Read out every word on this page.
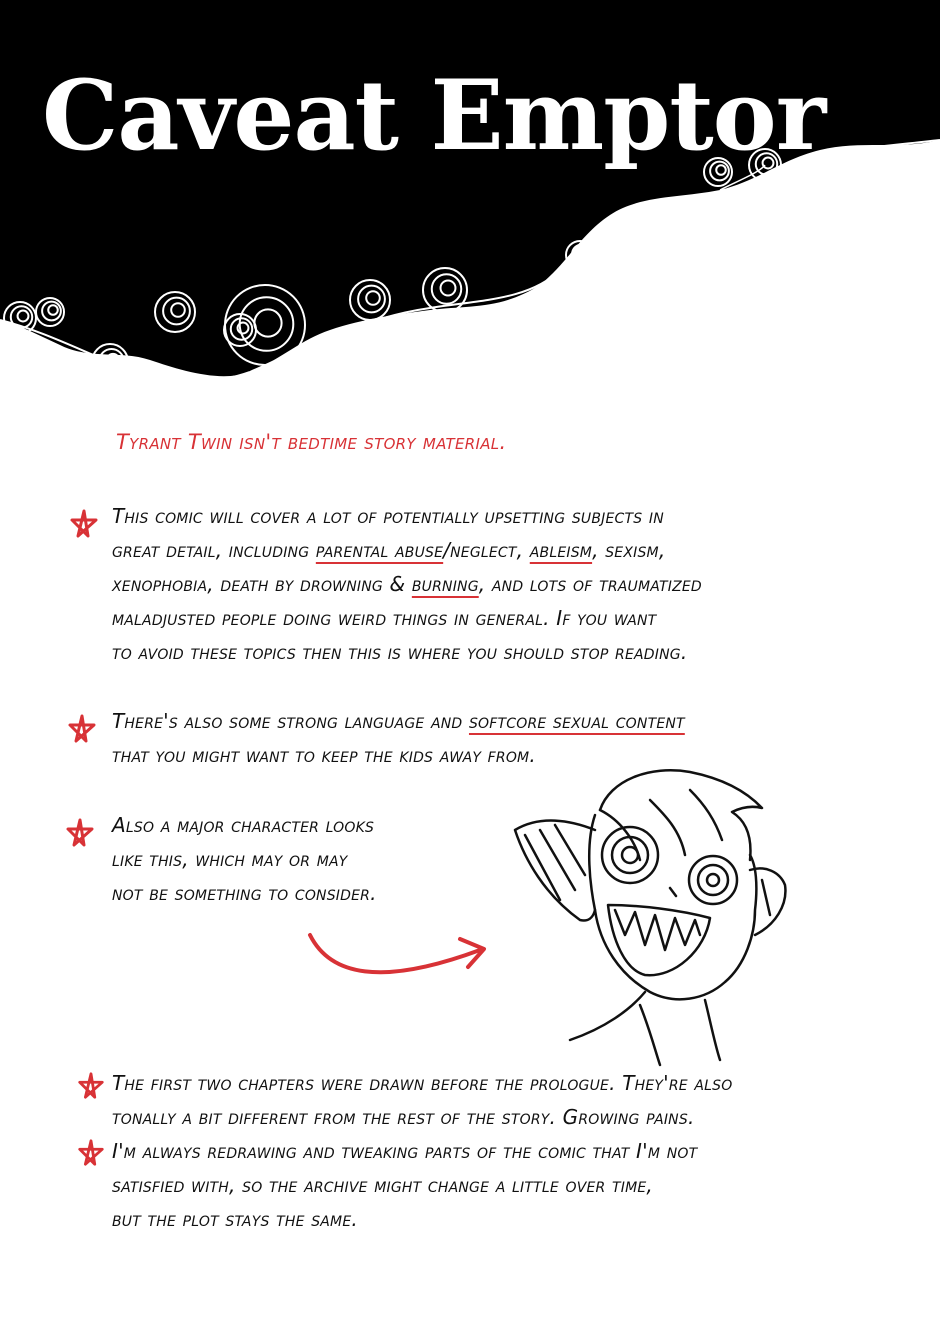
Caveat Emptor
Tyrant Twin isn't bedtime story material.
This comic will cover a lot of potentially upsetting subjects in
great detail, including parental abuse/neglect, ableism, sexism,
xenophobia, death by drowning & burning, and lots of traumatized
maladjusted people doing weird things in general. If you want
to avoid these topics then this is where you should stop reading.
There's also some strong language and softcore sexual content
that you might want to keep the kids away from.
Also a major character looks
like this, which may or may
not be something to consider.
The first two chapters were drawn before the prologue. They're also
tonally a bit different from the rest of the story. Growing pains.
I'm always redrawing and tweaking parts of the comic that I'm not
satisfied with, so the archive might change a little over time,
but the plot stays the same.
